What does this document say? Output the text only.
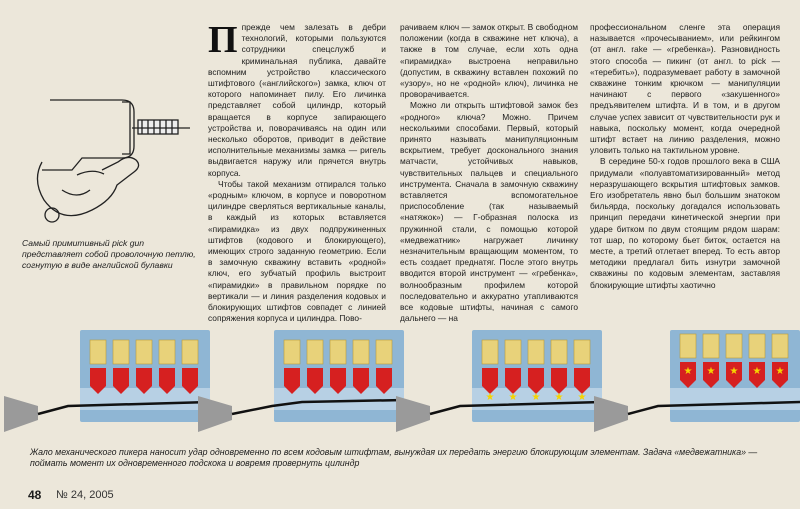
Самый примитивный pick gun представляет собой проволочную петлю, согнутую в виде английской булавки

Ппрежде чем залезать в дебри технологий, которыми пользуются сотрудники спецслужб и криминальная публика, давайте вспомним устройство классического штифтового («английского») замка, ключ от которого напоминает пилу. Его личинка представляет собой цилиндр, который вращается в корпусе запирающего устройства и, поворачиваясь на один или несколько оборотов, приводит в действие исполнительные механизмы замка — ригель выдвигается наружу или прячется внутрь корпуса.

Чтобы такой механизм отпирался только «родным» ключом, в корпусе и поворотном цилиндре сверляться вертикальные каналы, в каждый из которых вставляется «пирамидка» из двух подпружиненных штифтов (кодового и блокирующего), имеющих строго заданную геометрию. Если в замочную скважину вставить «родной» ключ, его зубчатый профиль выстроит «пирамидки» в правильном порядке по вертикали — и линия разделения кодовых и блокирующих штифтов совпадет с линией сопряжения корпуса и цилиндра. Пово-

рачиваем ключ — замок открыт. В свободном положении (когда в скважине нет ключа), а также в том случае, если хоть одна «пирамидка» выстроена неправильно (допустим, в скважину вставлен похожий по «узору», но не «родной» ключ), личинка не проворачивается.

Можно ли открыть штифтовой замок без «родного» ключа? Можно. Причем несколькими способами. Первый, который принято называть манипуляционным вскрытием, требует досконального знания матчасти, устойчивых навыков, чувствительных пальцев и специального инструмента. Сначала в замочную скважину вставляется вспомогательное приспособление (так называемый «натяжок») — Г-образная полоска из пружинной стали, с помощью которой «медвежатник» нагружает личинку незначительным вращающим моментом, то есть создает преднатяг. После этого внутрь вводится второй инструмент — «гребенка», волнообразным профилем которой последовательно и аккуратно утапливаются все кодовые штифты, начиная с самого дальнего — на

профессиональном сленге эта операция называется «прочесыванием», или рейкингом (от англ. rake — «гребенка»). Разновидность этого способа — пикинг (от англ. to pick — «теребить»), подразумевает работу в замочной скважине тонким крючком — манипуляции начинают с первого «закушенного» предъявителем штифта. И в том, и в другом случае успех зависит от чувствительности рук и навыка, поскольку момент, когда очередной штифт встает на линию разделения, можно уловить только на тактильном уровне.

В середине 50-х годов прошлого века в США придумали «полуавтоматизированный» метод неразрушающего вскрытия штифтовых замков. Его изобретатель явно был большим знатоком бильярда, поскольку догадался использовать принцип передачи кинетической энергии при ударе битком по двум стоящим рядом шарам: тот шар, по которому бьет биток, остается на месте, а третий отлетает вперед. То есть автор методики предлагал бить изнутри замочной скважины по кодовым элементам, заставляя блокирующие штифты хаотично

★ ★ ★ ★ ★
★ ★ ★ ★ ★
Жало механического пикера наносит удар одновременно по всем кодовым штифтам, вынуждая их передать энергию блокирующим элементам. Задача «медвежатника» — поймать момент их одновременного подскока и вовремя провернуть цилиндр
48 № 24, 2005
